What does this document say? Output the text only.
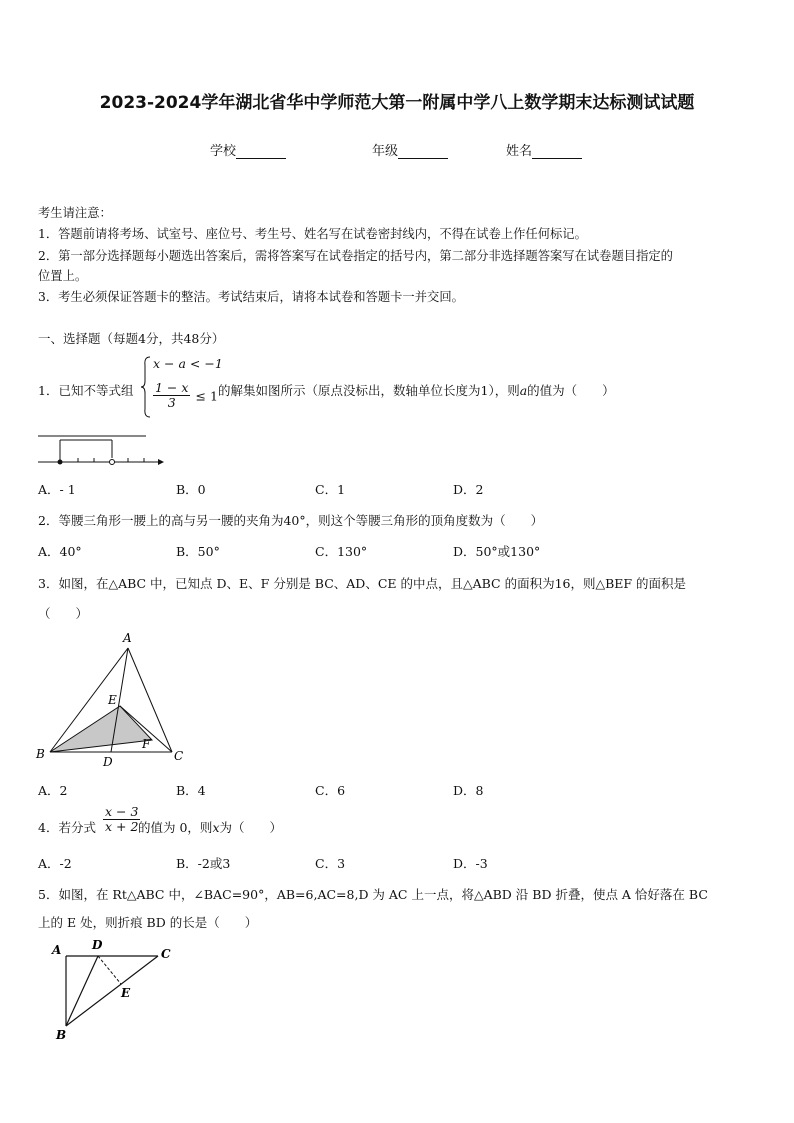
2023-2024学年湖北省华中学师范大第一附属中学八上数学期末达标测试试题
学校	年级	姓名
考生请注意：
1．答题前请将考场、试室号、座位号、考生号、姓名写在试卷密封线内，不得在试卷上作任何标记。
2．第一部分选择题每小题选出答案后，需将答案写在试卷指定的括号内，第二部分非选择题答案写在试卷题目指定的
位置上。
3．考生必须保证答题卡的整洁。考试结束后，请将本试卷和答题卡一并交回。
一、选择题（每题4分，共48分）
1．已知不等式组
x − a < −1
$\frac{1 - x}{3} \le 1$ 的解集如图所示（原点没标出，数轴单位长度为1），则a的值为（　　）
A．- 1	B．0	C．1	D．2
2．等腰三角形一腰上的高与另一腰的夹角为40°，则这个等腰三角形的顶角度数为（　　）
A．40°	B．50°	C．130°	D．50°或130°
3．如图，在△ABC 中，已知点 D、E、F 分别是 BC、AD、CE 的中点，且△ABC 的面积为16，则△BEF 的面积是
（　　）
A
B	C
D
E
F
A．2	B．4	C．6	D．8
4．若分式 $\frac{x - 3}{x + 2}$
的值为 0，则x为（　　）
A．-2	B．-2或3	C．3	D．-3
5．如图，在 Rt△ABC 中，∠BAC=90°，AB=6,AC=8,D 为 AC 上一点，将△ABD 沿 BD 折叠，使点 A 恰好落在 BC
上的 E 处，则折痕 BD 的长是（　　）
A	D
C
E
B
